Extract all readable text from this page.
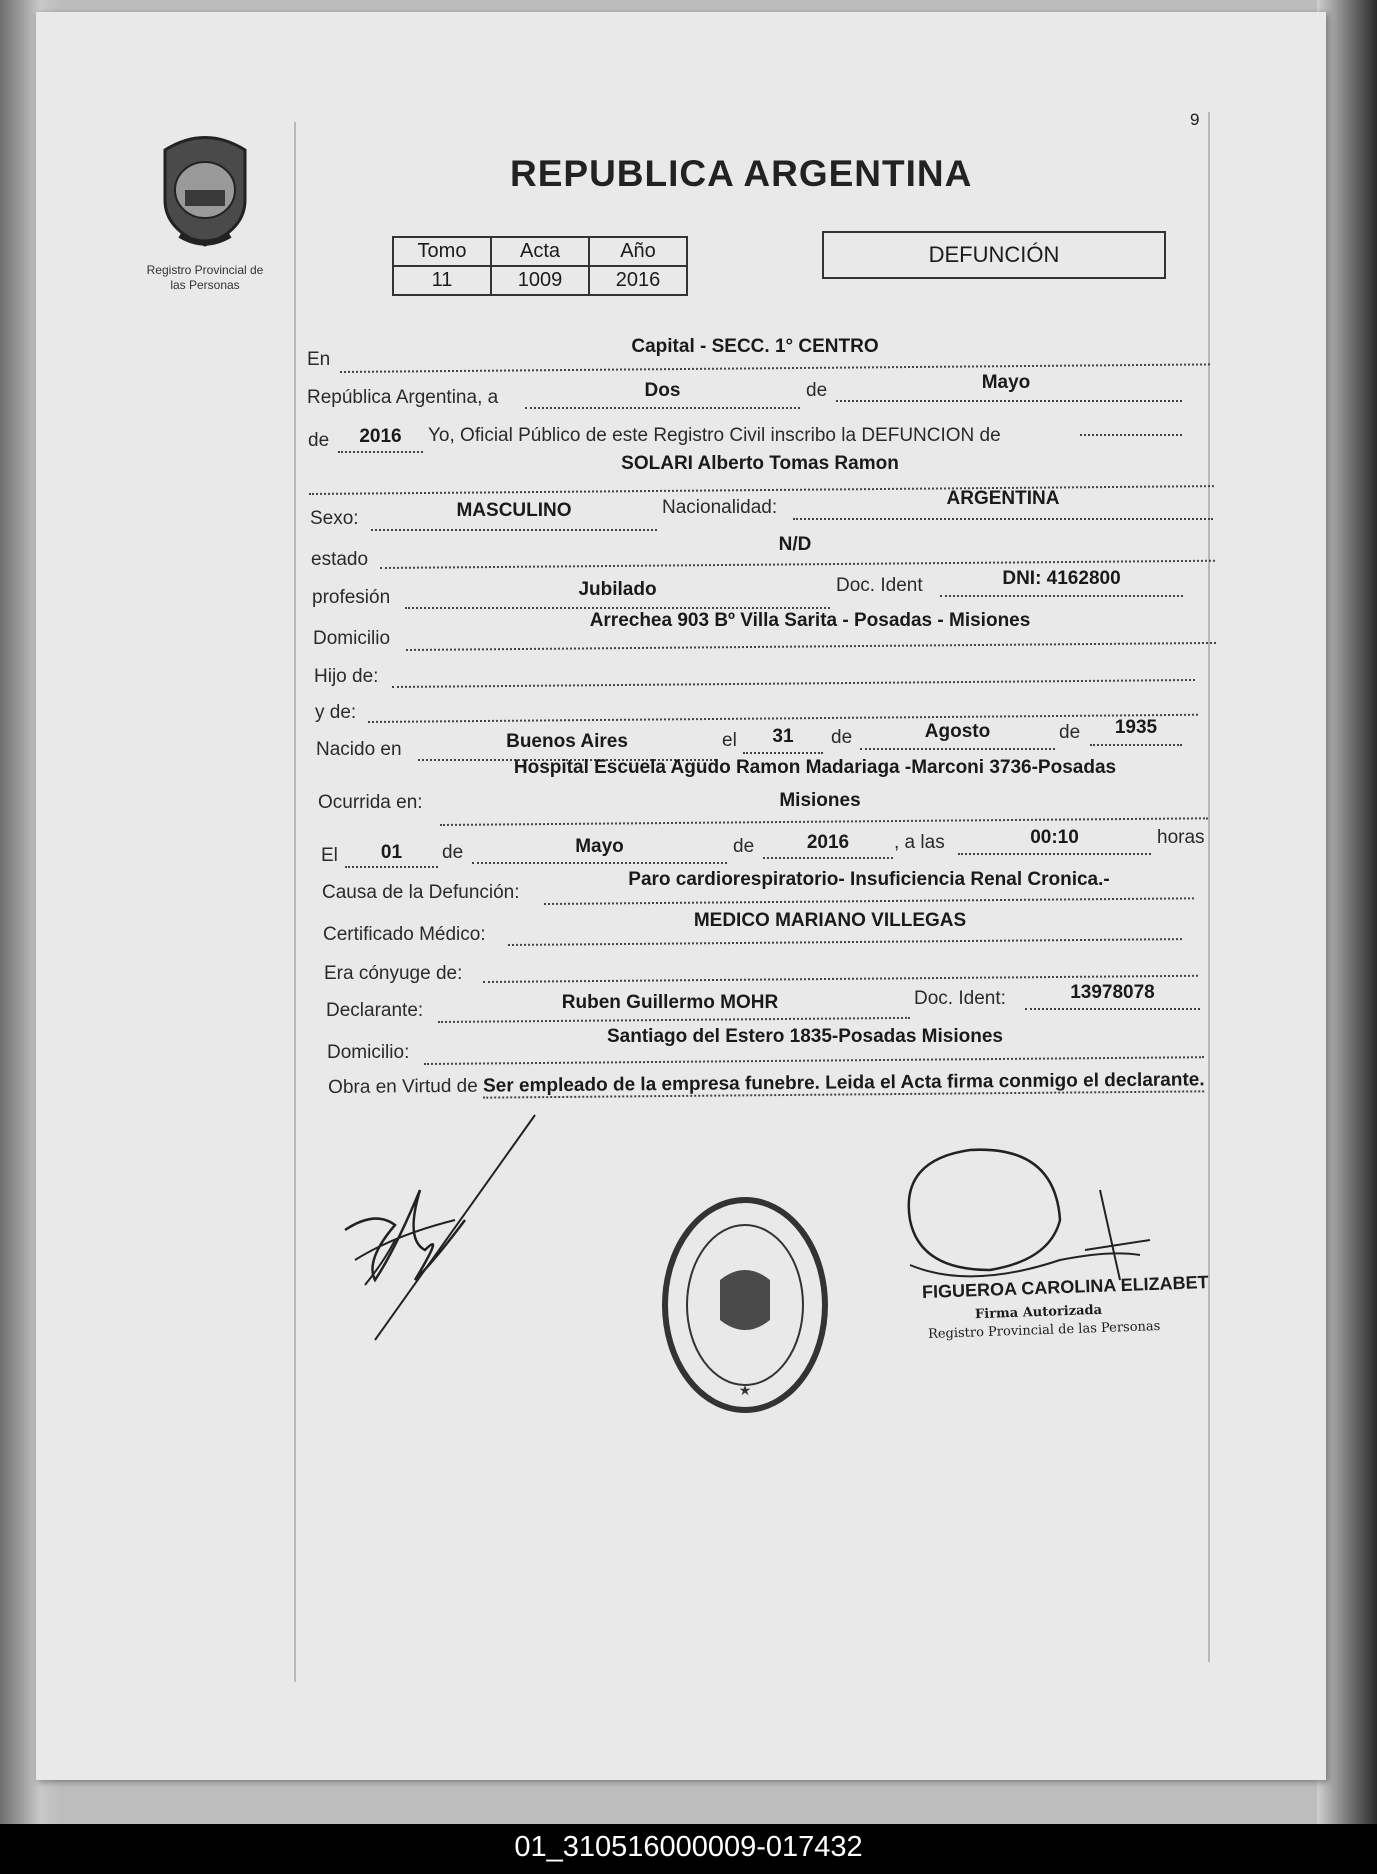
9
Registro Provincial de
las Personas
REPUBLICA ARGENTINA
Tomo	Acta	Año
11	1009	2016
DEFUNCIÓN
En
Capital - SECC. 1° CENTRO
República Argentina, a	Dos	de	Mayo
de	2016	Yo, Oficial Público de este Registro Civil inscribo la DEFUNCION de
SOLARI Alberto Tomas Ramon
Sexo:	MASCULINO	Nacionalidad:	ARGENTINA
estado
N/D
profesión	Jubilado	Doc. Ident	DNI: 4162800
Domicilio
Arrechea 903 Bº Villa Sarita - Posadas - Misiones
Hijo de:
y de:
Nacido en	Buenos Aires	el	31	de	Agosto	de	1935
Ocurrida en:
Hospital Escuela Agudo Ramon Madariaga -Marconi 3736-Posadas
Misiones
El	01	de	Mayo	de	2016	, a las	00:10	horas
Causa de la Defunción:
Paro cardiorespiratorio- Insuficiencia Renal Cronica.-
Certificado Médico:
MEDICO MARIANO VILLEGAS
Era cónyuge de:
Declarante:	Ruben Guillermo MOHR	Doc. Ident:	13978078
Domicilio:
Santiago del Estero 1835-Posadas Misiones
Obra en Virtud de Ser empleado de la empresa funebre. Leida el Acta firma conmigo el declarante.
★
FIGUEROA CAROLINA ELIZABET
Firma Autorizada
Registro Provincial de las Personas
01_310516000009-017432
